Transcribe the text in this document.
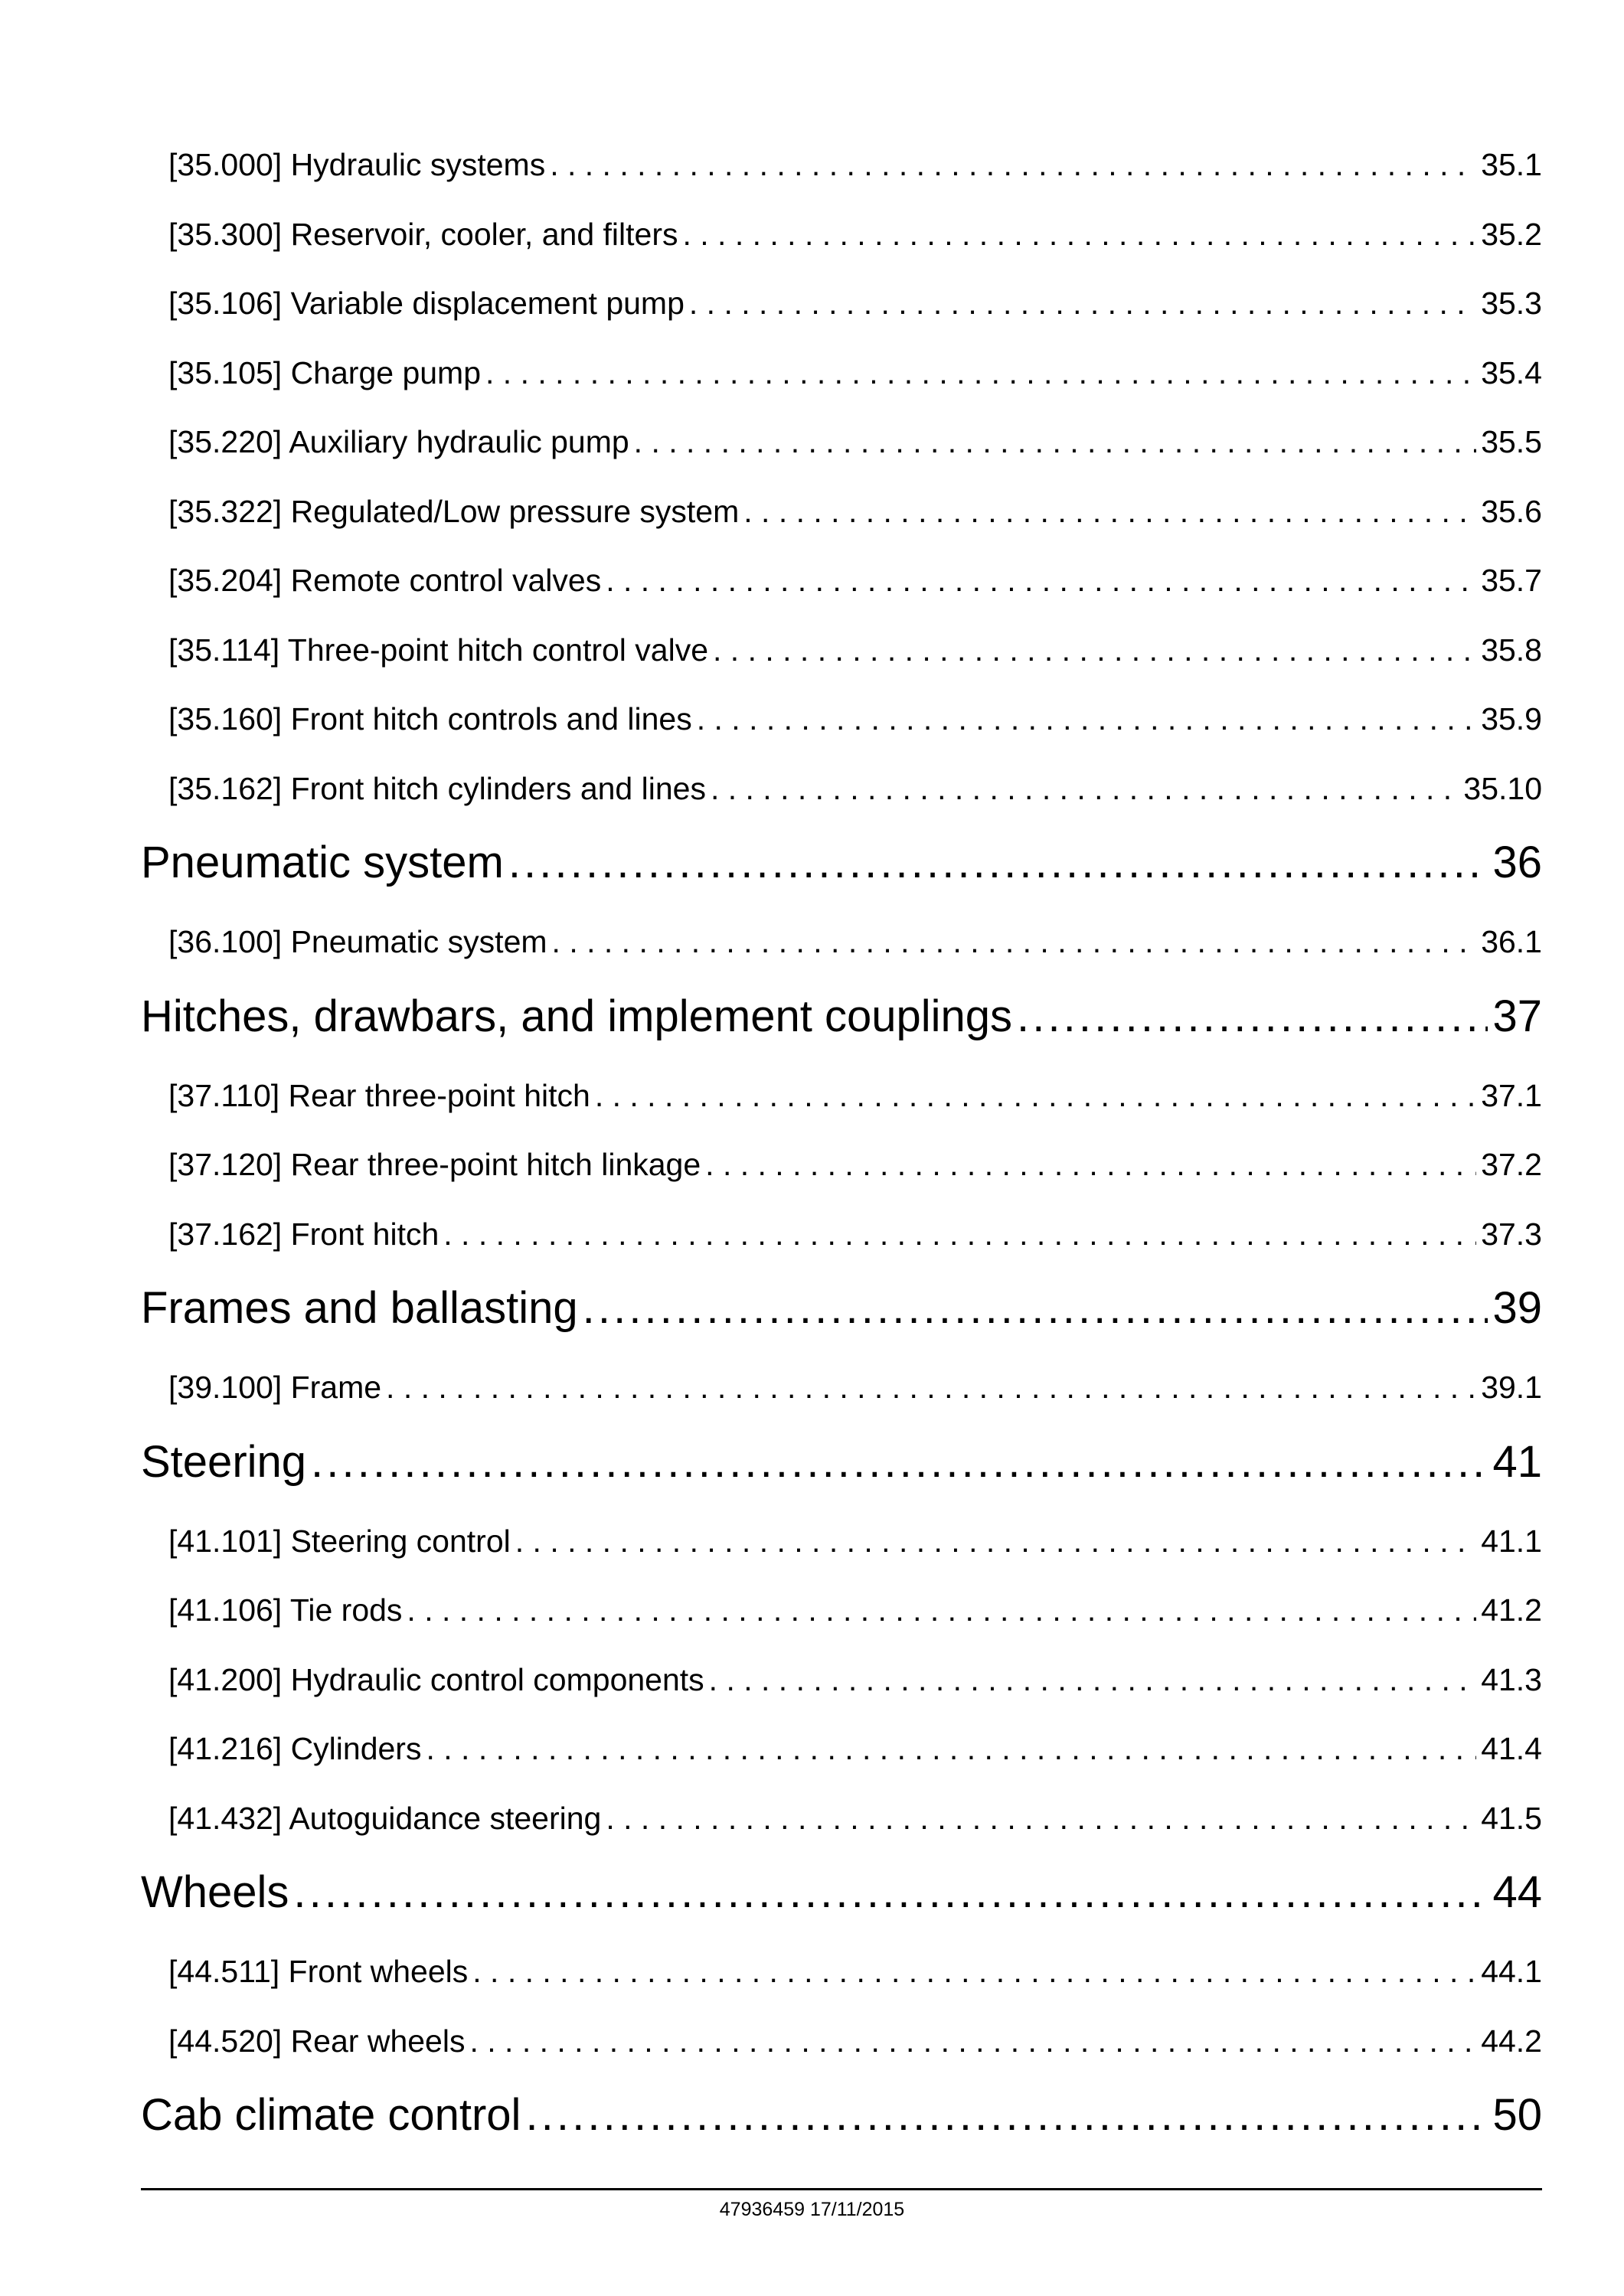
[35.000] Hydraulic systems . . .	35.1
[35.300] Reservoir, cooler, and filters . . .	35.2
[35.106] Variable displacement pump . . .	35.3
[35.105] Charge pump . . .	35.4
[35.220] Auxiliary hydraulic pump . . .	35.5
[35.322] Regulated/Low pressure system . . .	35.6
[35.204] Remote control valves . . .	35.7
[35.114] Three-point hitch control valve . . .	35.8
[35.160] Front hitch controls and lines . . .	35.9
[35.162] Front hitch cylinders and lines . . .	35.10
Pneumatic system . . .	36
[36.100] Pneumatic system . . .	36.1
Hitches, drawbars, and implement couplings . . .	37
[37.110] Rear three-point hitch . . .	37.1
[37.120] Rear three-point hitch linkage . . .	37.2
[37.162] Front hitch . . .	37.3
Frames and ballasting . . .	39
[39.100] Frame . . .	39.1
Steering . . .	41
[41.101] Steering control . . .	41.1
[41.106] Tie rods . . .	41.2
[41.200] Hydraulic control components . . .	41.3
[41.216] Cylinders . . .	41.4
[41.432] Autoguidance steering . . .	41.5
Wheels . . .	44
[44.511] Front wheels . . .	44.1
[44.520] Rear wheels . . .	44.2
Cab climate control . . .	50
47936459 17/11/2015
